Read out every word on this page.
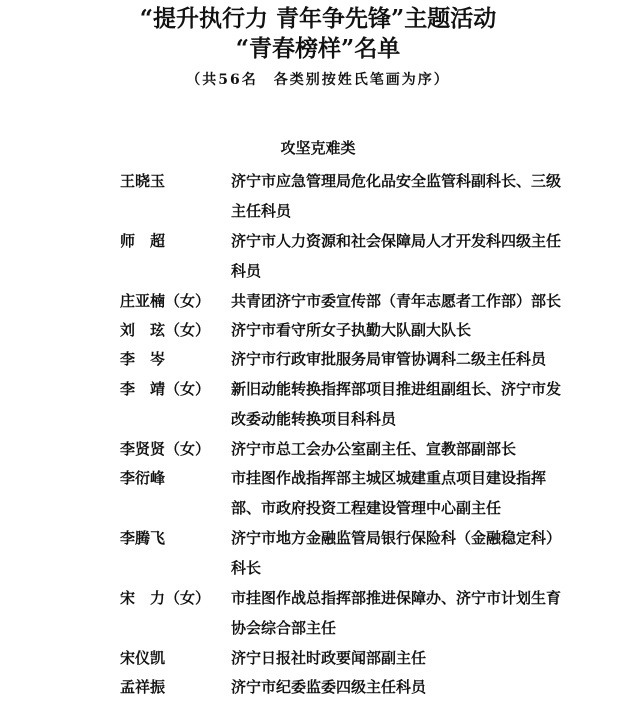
“提升执行力 青年争先锋”主题活动
“青春榜样”名单
（共56名　各类别按姓氏笔画为序）
攻坚克难类
王晓玉	济宁市应急管理局危化品安全监管科副科长、三级主任科员
师　超	济宁市人力资源和社会保障局人才开发科四级主任科员
庄亚楠（女） 共青团济宁市委宣传部（青年志愿者工作部）部长
刘　玹（女） 济宁市看守所女子执勤大队副大队长
李　岑	济宁市行政审批服务局审管协调科二级主任科员
李　靖（女） 新旧动能转换指挥部项目推进组副组长、济宁市发改委动能转换项目科科员
李贤贤（女） 济宁市总工会办公室副主任、宣教部副部长
李衍峰	市挂图作战指挥部主城区城建重点项目建设指挥部、市政府投资工程建设管理中心副主任
李腾飞	济宁市地方金融监管局银行保险科（金融稳定科）科长
宋　力（女） 市挂图作战总指挥部推进保障办、济宁市计划生育协会综合部主任
宋仪凯	济宁日报社时政要闻部副主任
孟祥振	济宁市纪委监委四级主任科员
